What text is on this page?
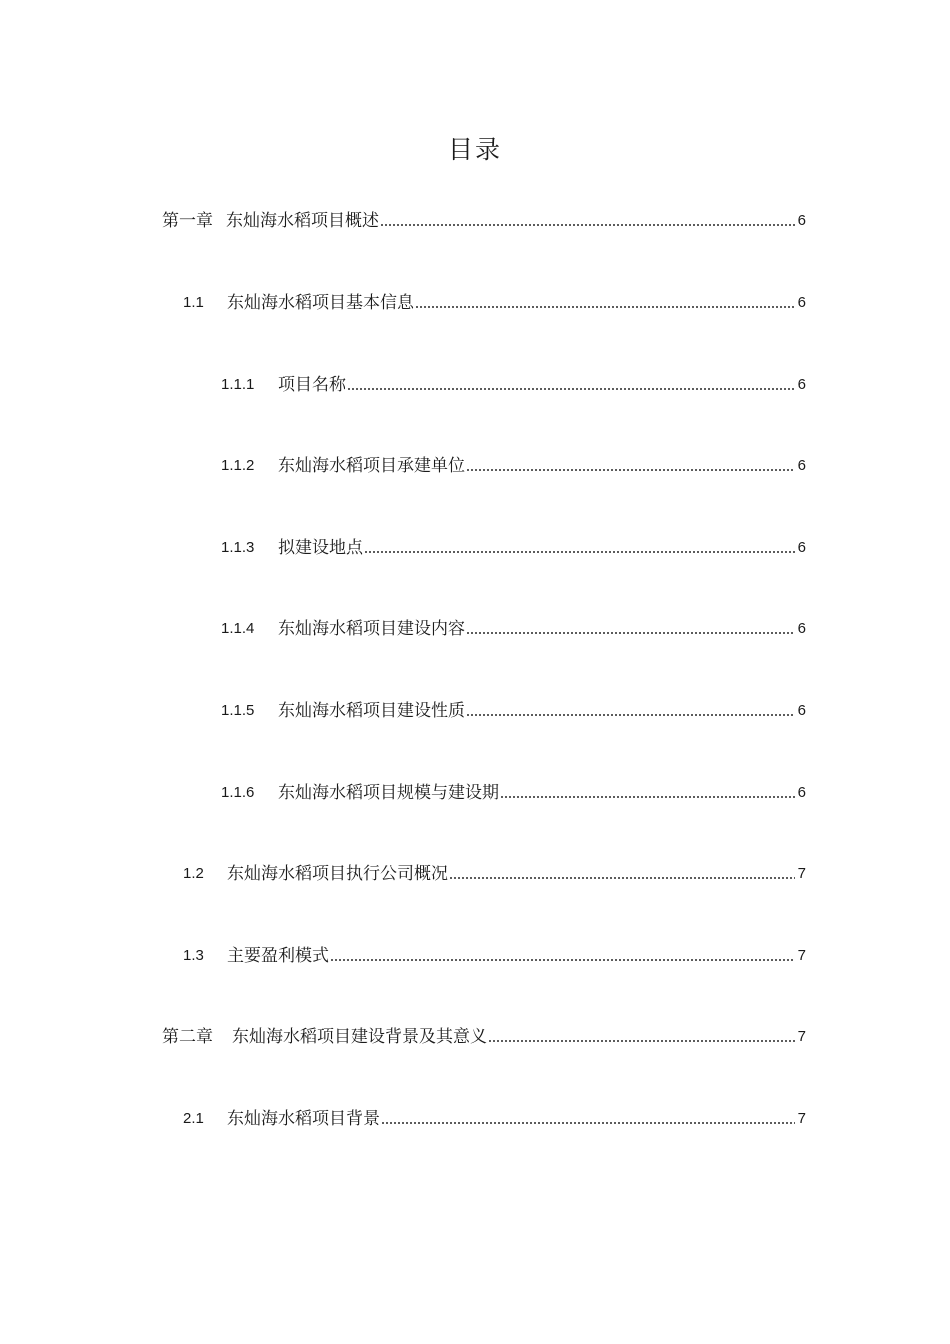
目录
第一章 东灿海水稻项目概述	6
1.1	东灿海水稻项目基本信息	6
1.1.1	项目名称	6
1.1.2	东灿海水稻项目承建单位	6
1.1.3	拟建设地点	6
1.1.4	东灿海水稻项目建设内容	6
1.1.5	东灿海水稻项目建设性质	6
1.1.6	东灿海水稻项目规模与建设期	6
1.2	东灿海水稻项目执行公司概况	7
1.3	主要盈利模式	7
第二章	东灿海水稻项目建设背景及其意义	7
2.1	东灿海水稻项目背景	7
